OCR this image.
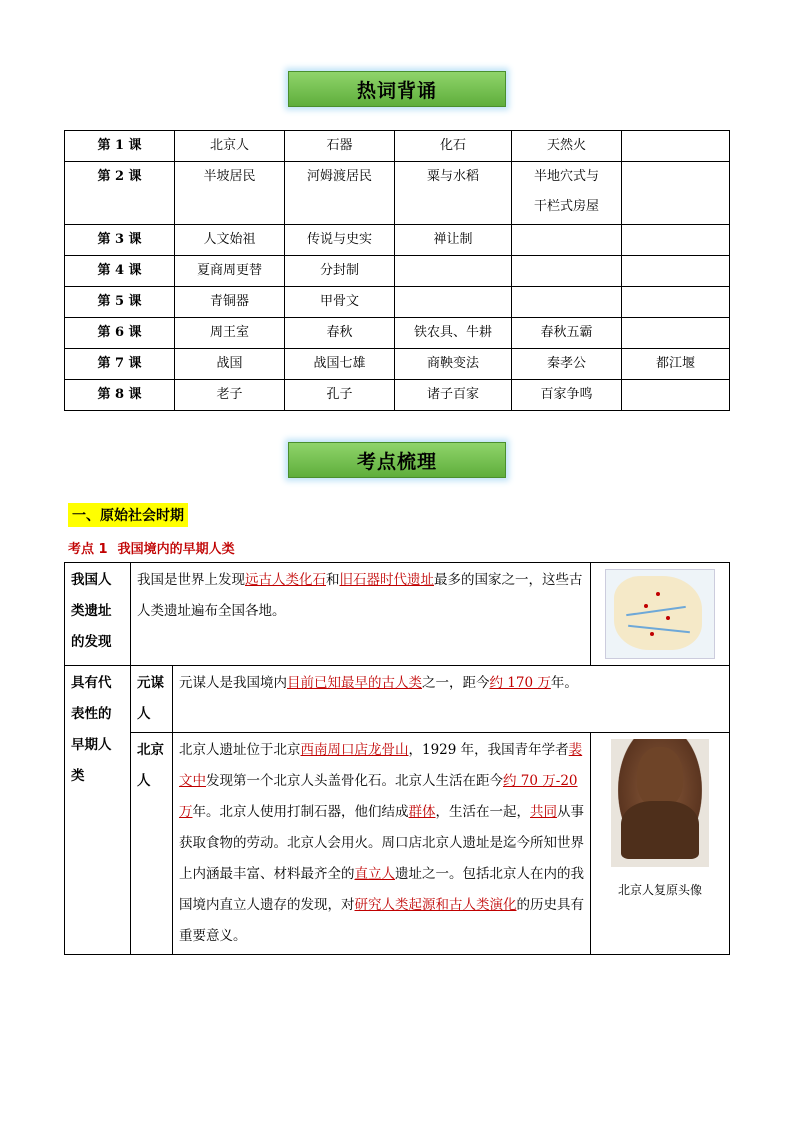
热词背诵
第 1 课	北京人	石器	化石	天然火	
第 2 课	半坡居民	河姆渡居民	粟与水稻	半地穴式与
干栏式房屋	

第 3 课	人文始祖	传说与史实	禅让制		
第 4 课	夏商周更替	分封制			
第 5 课	青铜器	甲骨文			
第 6 课	周王室	春秋	铁农具、牛耕	春秋五霸	
第 7 课	战国	战国七雄	商鞅变法	秦孝公	都江堰
第 8 课	老子	孔子	诸子百家	百家争鸣	
考点梳理
一、原始社会时期
考点 1 我国境内的早期人类
我国人类遗址的发现	我国是世界上发现远古人类化石和旧石器时代遗址最多的国家之一，这些古人类遗址遍布全国各地。		

具有代表性的早期人类	元谋人	元谋人是我国境内目前已知最早的古人类之一，距今约 170 万年。	
	北京人	北京人遗址位于北京西南周口店龙骨山，1929 年，我国青年学者裴文中发现第一个北京人头盖骨化石。北京人生活在距今约 70 万-20 万年。北京人使用打制石器，他们结成群体，生活在一起，共同从事获取食物的劳动。北京人会用火。周口店北京人遗址是迄今所知世界上内涵最丰富、材料最齐全的直立人遗址之一。包括北京人在内的我国境内直立人遗存的发现，对研究人类起源和古人类演化的历史具有重要意义。	北京人复原头像
